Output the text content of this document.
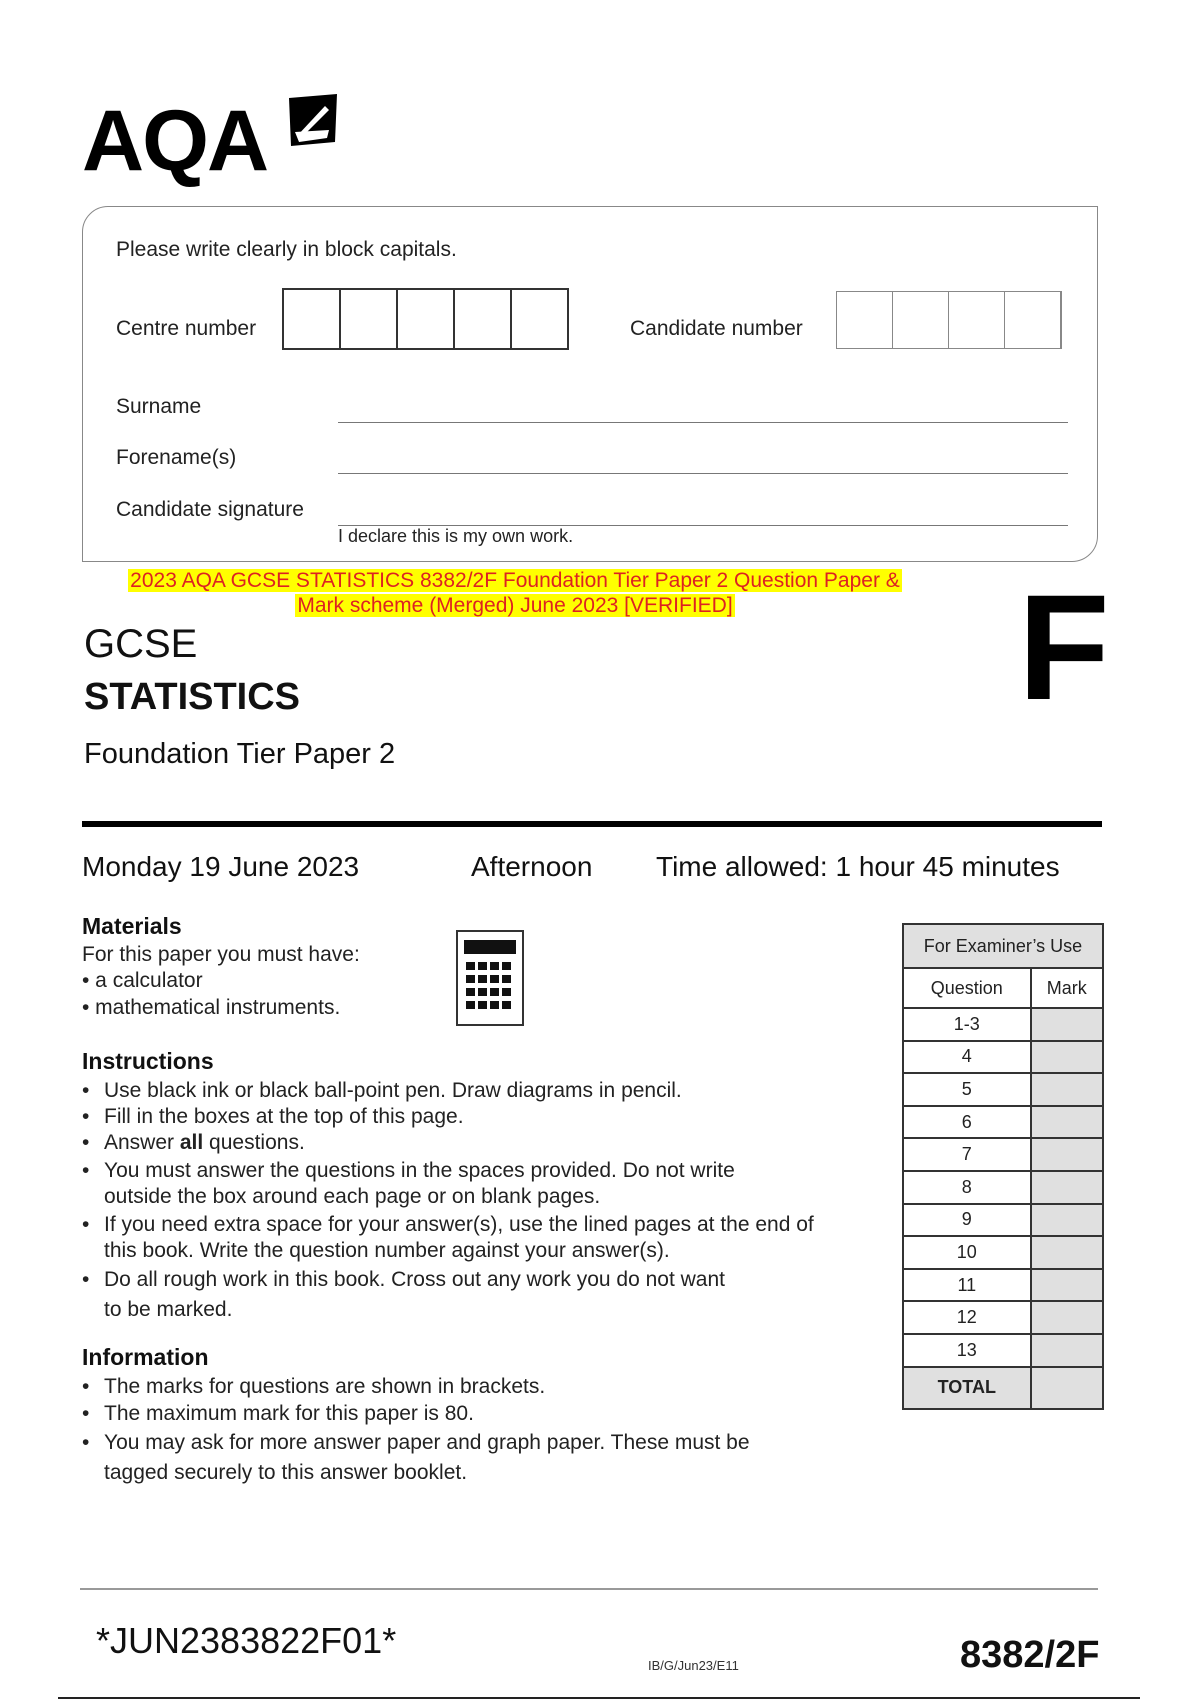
AQA
Please write clearly in block capitals.
Centre number	Candidate number
Surname
Forename(s)
Candidate signature
I declare this is my own work.
2023 AQA GCSE STATISTICS 8382/2F Foundation Tier Paper 2 Question Paper &
Mark scheme (Merged) June 2023 [VERIFIED]
GCSE
STATISTICS
Foundation Tier Paper 2
F
Monday 19 June 2023	Afternoon Time allowed: 1 hour 45 minutes
Materials
For this paper you must have:
• a calculator
• mathematical instruments.
Instructions
• Use black ink or black ball-point pen. Draw diagrams in pencil.
• Fill in the boxes at the top of this page.
• Answer all questions.
• You must answer the questions in the spaces provided. Do not write
outside the box around each page or on blank pages.
• If you need extra space for your answer(s), use the lined pages at the end of
this book. Write the question number against your answer(s).
• Do all rough work in this book. Cross out any work you do not want
to be marked.
Information
• The marks for questions are shown in brackets.
• The maximum mark for this paper is 80.
• You may ask for more answer paper and graph paper. These must be
tagged securely to this answer booklet.
For Examiner’s Use	
Question	Mark
1-3	
4	
5	
6	
7	
8	
9	
10	
11	
12	
13	
TOTAL	
*JUN2383822F01*
IB/G/Jun23/E11	8382/2F
